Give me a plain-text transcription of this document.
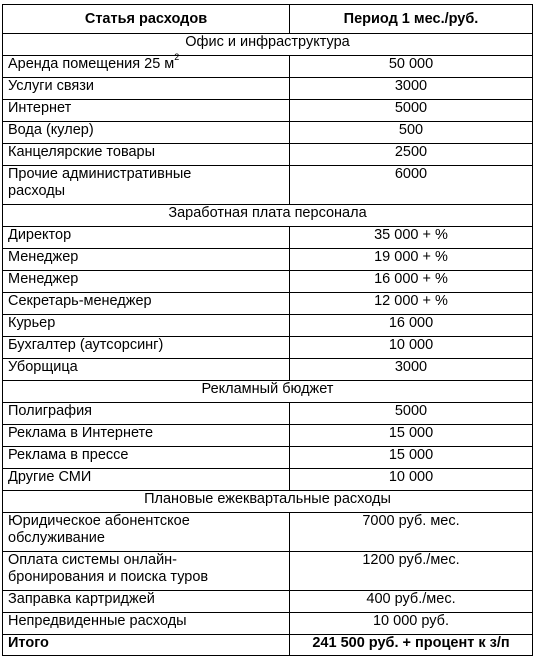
Статья расходов	Период 1 мес./руб.
Офис и инфраструктура	
Аренда помещения 25 $м^2$	50 000
Услуги связи	3000
Интернет	5000
Вода (кулер)	500
Канцелярские товары	2500

Прочие административные
расходы	6000
Заработная плата персонала	
Директор	35 000 + %
Менеджер	19 000 + %
Менеджер	16 000 + %
Секретарь-менеджер	12 000 + %
Курьер	16 000
Бухгалтер (аутсорсинг)	10 000
Уборщица	3000
Рекламный бюджет	
Полиграфия	5000
Реклама в Интернете	15 000
Реклама в прессе	15 000
Другие СМИ	10 000
Плановые ежеквартальные расходы	

Юридическое абонентское
обслуживание	7000 руб. мес.

Оплата системы онлайн-
бронирования и поиска туров	1200 руб./мес.
Заправка картриджей	400 руб./мес.
Непредвиденные расходы	10 000 руб.
Итого	241 500 руб. + процент к з/п
